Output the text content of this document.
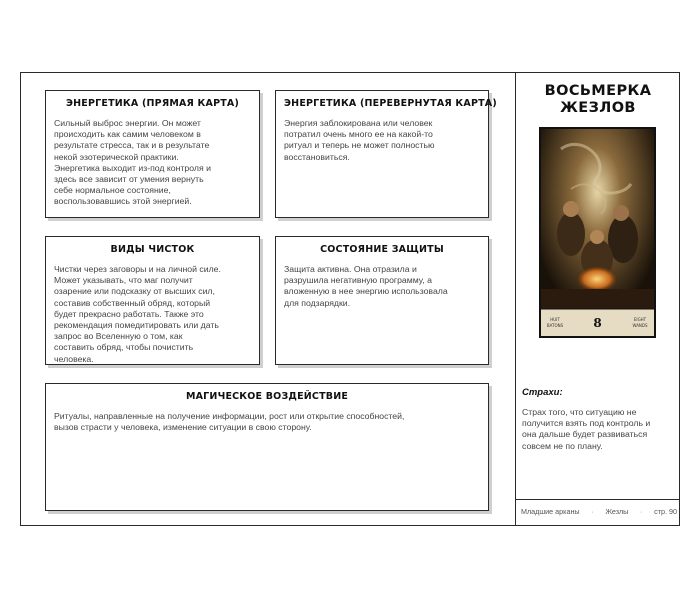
ЭНЕРГЕТИКА (ПРЯМАЯ КАРТА)
Сильный выброс энергии. Он может
происходить как самим человеком в
результате стресса, так и в результате
некой эзотерической практики.
Энергетика выходит из-под контроля и
здесь все зависит от умения вернуть
себе нормальное состояние,
воспользовавшись этой энергией.
ЭНЕРГЕТИКА (ПЕРЕВЕРНУТАЯ КАРТА)
Энергия заблокирована или человек
потратил очень много ее на какой-то
ритуал и теперь не может полностью
восстановиться.
ВИДЫ ЧИСТОК
Чистки через заговоры и на личной силе.
Может указывать, что маг получит
озарение или подсказку от высших сил,
составив собственный обряд, который
будет прекрасно работать. Также это
рекомендация помедитировать или дать
запрос во Вселенную о том, как
составить обряд, чтобы почистить
человека.
СОСТОЯНИЕ ЗАЩИТЫ
Защита активна. Она отразила и
разрушила негативную программу, а
вложенную в нее энергию использовала
для подзарядки.
МАГИЧЕСКОЕ ВОЗДЕЙСТВИЕ
Ритуалы, направленные на получение информации, рост или открытие способностей,
вызов страсти у человека, изменение ситуации в свою сторону.
ВОСЬМЕРКА
ЖЕЗЛОВ
8
HUIT
BATONS
EIGHT
WANDS
Страхи:
Страх того, что ситуацию не
получится взять под контроль и
она дальше будет развиваться
совсем не по плану.
Младшие арканы · Жезлы · стр. 90
